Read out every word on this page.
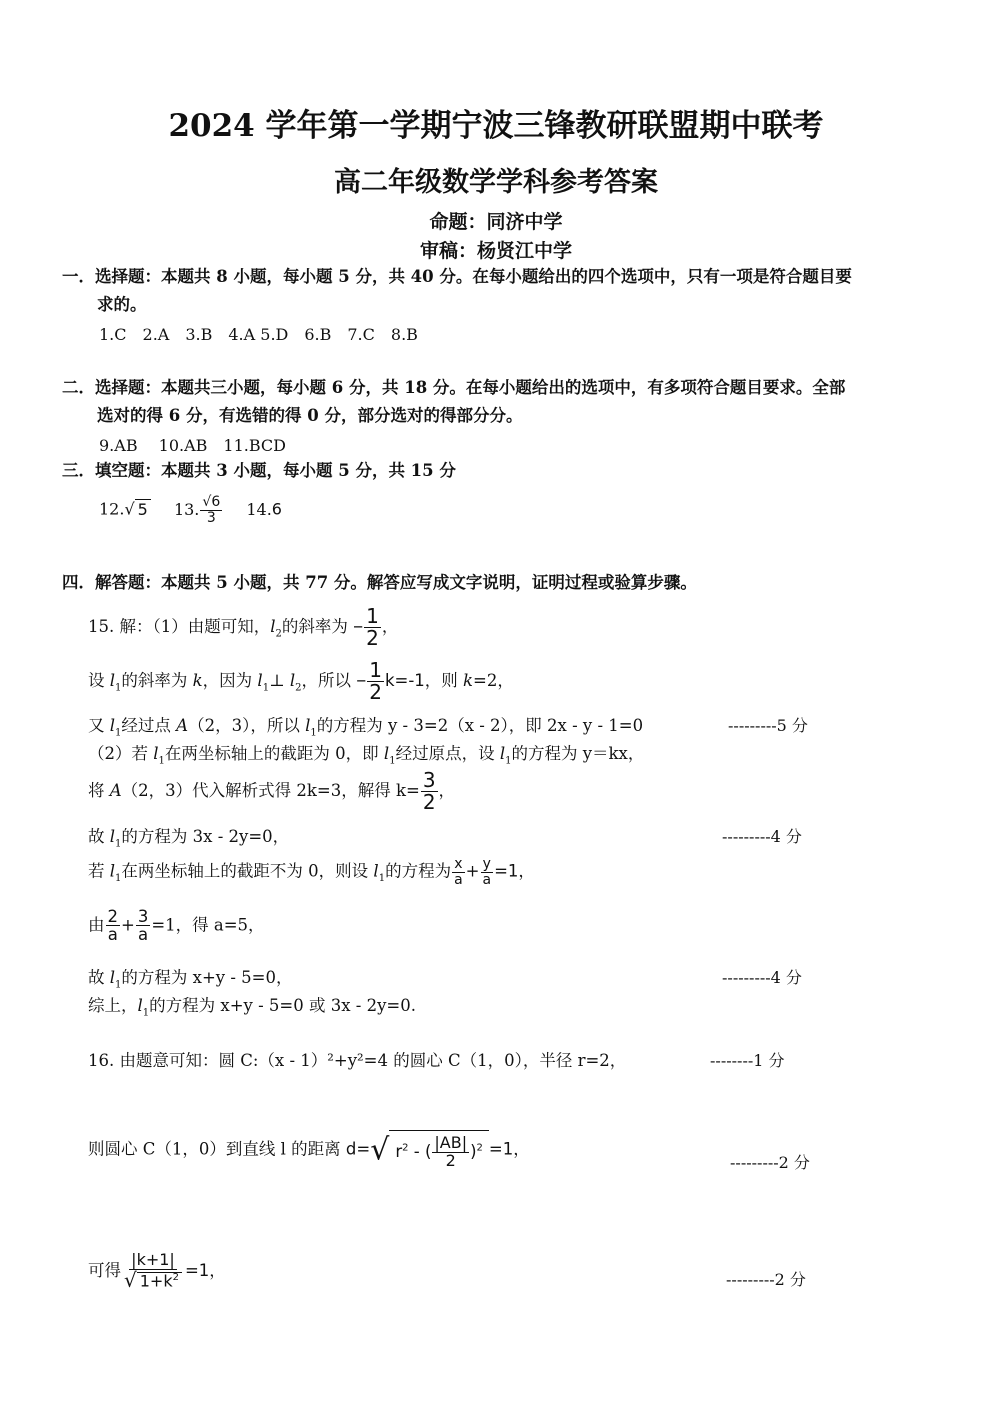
2024 学年第一学期宁波三锋教研联盟期中联考
高二年级数学学科参考答案
命题：同济中学
审稿：杨贤江中学
一．选择题：本题共 8 小题，每小题 5 分，共 40 分。在每小题给出的四个选项中，只有一项是符合题目要
求的。
1.C　2.A　3.B　4.A 5.D　6.B　7.C　8.B
二．选择题：本题共三小题，每小题 6 分，共 18 分。在每小题给出的选项中，有多项符合题目要求。全部
选对的得 6 分，有选错的得 0 分，部分选对的得部分分。
9.AB　 10.AB　11.BCD
三．填空题：本题共 3 小题，每小题 5 分，共 15 分
12.√ 5 13. $\frac{√6}{3} 14.6$
四．解答题：本题共 5 小题，共 77 分。解答应写成文字说明，证明过程或验算步骤。
15. 解：（1）由题可知，$l_2$的斜率为 – $\frac{1}{2}$ ，
设 $l_1$的斜率为 k，因为 $l_1\perp$ $l_2$，所以 – $\frac{1}{2} k=-1$，则 k=2，
又 $l_1$经过点 A（2，3），所以 $l_1$的方程为 y - 3=2（x - 2），即 2x - y - 1=0	---------5 分
（2）若 $l_1$在两坐标轴上的截距为 0，即 $l_1$经过原点，设 $l_1$的方程为 y＝kx，
将 A（2，3）代入解析式得 2k=3，解得 $k= \frac{3}{2}$ ，
故 $l_1$的方程为 3x - 2y=0，	---------4 分
若 $l_1$在两坐标轴上的截距不为 0，则设 $l_1$的方程为 $\frac{x}{a} + \frac{y}{a} =1$，
由 $\frac{2}{a} + \frac{3}{a} =1$，得 a=5，
故 $l_1$的方程为 x+y - 5=0，	---------4 分
综上，$l_1$的方程为 x+y - 5=0 或 3x - 2y=0.
16. 由题意可知：圆 C:（x - 1）²+y²=4 的圆心 C（1，0），半径 r=2，	--------1 分
则圆心 C（1，0）到直线 l 的距离 d=√ $r^2$ - ( $\frac{|AB|}{2} )^2 =1$，
---------2 分
可得 $\frac{|k+1|}{√ 1+k^2} =1$，	---------2 分
